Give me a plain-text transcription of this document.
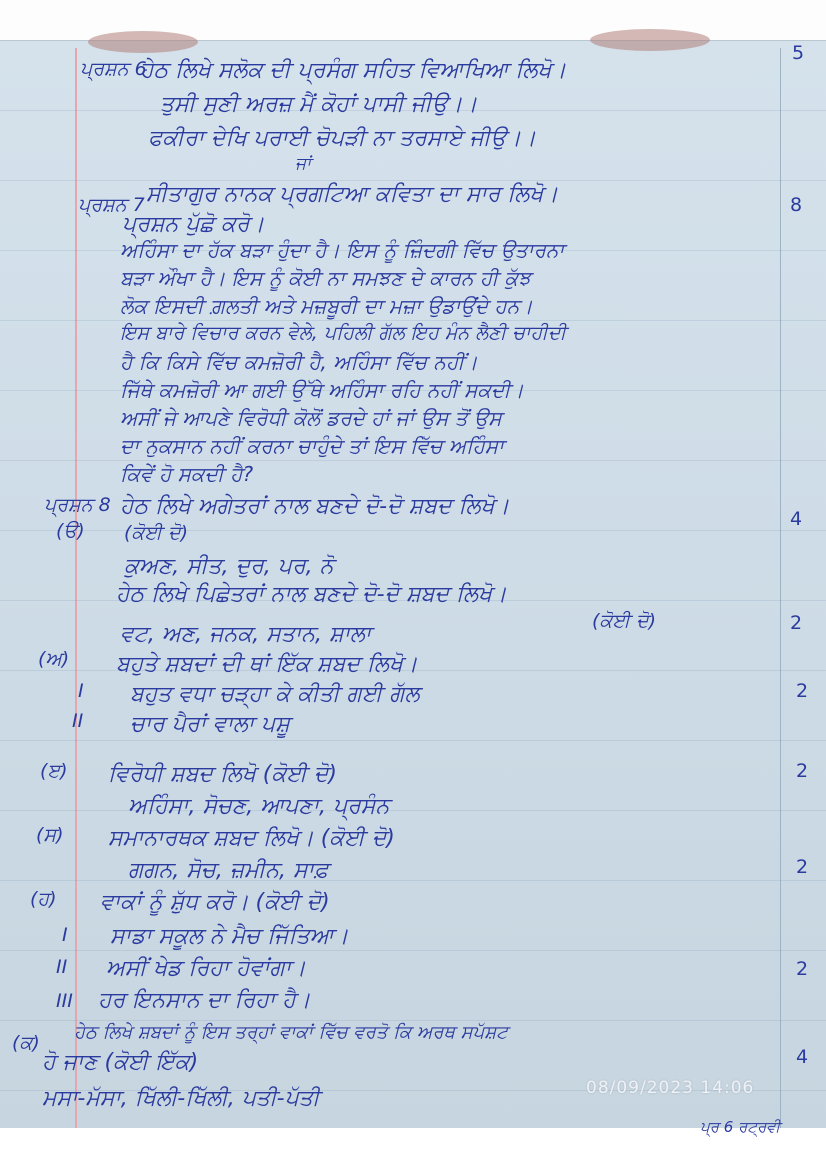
5
ਪ੍ਰਸ਼ਨ 6
ਪ੍ਰਸ਼ਨ 7
ਪ੍ਰਸ਼ਨ 8
(ੳ)
(ਅ)
I
II
(ੲ)
(ਸ)
(ਹ)
I
II
III
(ਕ)
8
4
2
2
2
2
2
4
ਹੇਠ ਲਿਖੇ ਸਲੋਕ ਦੀ ਪ੍ਰਸੰਗ ਸਹਿਤ ਵਿਆਖਿਆ ਲਿਖੋ।
ਤੁਸੀ ਸੁਣੀ ਅਰਜ਼ ਮੈਂ ਕੋਹਾਂ ਪਾਸੀ ਜੀਉ।।
ਫਕੀਰਾ ਦੇਖਿ ਪਰਾਈ ਚੋਪੜੀ ਨਾ ਤਰਸਾਏ ਜੀਉ।।
ਜਾਂ
ਸੀਤਾਗੁਰ ਨਾਨਕ ਪ੍ਰਗਟਿਆ ਕਵਿਤਾ ਦਾ ਸਾਰ ਲਿਖੋ।
ਪ੍ਰਸ਼ਨ ਪੁੱਛੋ ਕਰੋ।
ਅਹਿੰਸਾ ਦਾ ਹੱਕ ਬੜਾ ਹੁੰਦਾ ਹੈ। ਇਸ ਨੂੰ ਜ਼ਿੰਦਗੀ ਵਿੱਚ ਉਤਾਰਨਾ
ਬੜਾ ਔਖਾ ਹੈ। ਇਸ ਨੂੰ ਕੋਈ ਨਾ ਸਮਝਣ ਦੇ ਕਾਰਨ ਹੀ ਕੁੱਝ
ਲੋਕ ਇਸਦੀ ਗ਼ਲਤੀ ਅਤੇ ਮਜ਼ਬੂਰੀ ਦਾ ਮਜ਼ਾ ਉਡਾਉਂਦੇ ਹਨ।
ਇਸ ਬਾਰੇ ਵਿਚਾਰ ਕਰਨ ਵੇਲੇ, ਪਹਿਲੀ ਗੱਲ ਇਹ ਮੰਨ ਲੈਣੀ ਚਾਹੀਦੀ
ਹੈ ਕਿ ਕਿਸੇ ਵਿੱਚ ਕਮਜ਼ੋਰੀ ਹੈ, ਅਹਿੰਸਾ ਵਿੱਚ ਨਹੀਂ।
ਜਿੱਥੇ ਕਮਜ਼ੋਰੀ ਆ ਗਈ ਉੱਥੇ ਅਹਿੰਸਾ ਰਹਿ ਨਹੀਂ ਸਕਦੀ।
ਅਸੀਂ ਜੇ ਆਪਣੇ ਵਿਰੋਧੀ ਕੋਲੋਂ ਡਰਦੇ ਹਾਂ ਜਾਂ ਉਸ ਤੋਂ ਉਸ
ਦਾ ਨੁਕਸਾਨ ਨਹੀਂ ਕਰਨਾ ਚਾਹੁੰਦੇ ਤਾਂ ਇਸ ਵਿੱਚ ਅਹਿੰਸਾ
ਕਿਵੇਂ ਹੋ ਸਕਦੀ ਹੈ?
ਹੇਠ ਲਿਖੇ ਅਗੇਤਰਾਂ ਨਾਲ ਬਣਦੇ ਦੋ-ਦੋ ਸ਼ਬਦ ਲਿਖੋ।
(ਕੋਈ ਦੋ)
ਕੁਅਣ, ਸੀਤ, ਦੁਰ, ਪਰ, ਨੋ
ਹੇਠ ਲਿਖੇ ਪਿਛੇਤਰਾਂ ਨਾਲ ਬਣਦੇ ਦੋ-ਦੋ ਸ਼ਬਦ ਲਿਖੋ।
(ਕੋਈ ਦੋ)
ਵਟ, ਅਣ, ਜਨਕ, ਸਤਾਨ, ਸ਼ਾਲਾ
ਬਹੁਤੇ ਸ਼ਬਦਾਂ ਦੀ ਥਾਂ ਇੱਕ ਸ਼ਬਦ ਲਿਖੋ।
ਬਹੁਤ ਵਧਾ ਚੜ੍ਹਾ ਕੇ ਕੀਤੀ ਗਈ ਗੱਲ
ਚਾਰ ਪੈਰਾਂ ਵਾਲਾ ਪਸ਼ੂ
ਵਿਰੋਧੀ ਸ਼ਬਦ ਲਿਖੋ (ਕੋਈ ਦੋ)
ਅਹਿੰਸਾ, ਸੋਚਣ, ਆਪਣਾ, ਪ੍ਰਸੰਨ
ਸਮਾਨਾਰਥਕ ਸ਼ਬਦ ਲਿਖੋ। (ਕੋਈ ਦੋ)
ਗਗਨ, ਸੋਚ, ਜ਼ਮੀਨ, ਸਾਫ਼
ਵਾਕਾਂ ਨੂੰ ਸ਼ੁੱਧ ਕਰੋ। (ਕੋਈ ਦੋ)
ਸਾਡਾ ਸਕੂਲ ਨੇ ਮੈਚ ਜਿੱਤਿਆ।
ਅਸੀਂ ਖੇਡ ਰਿਹਾ ਹੋਵਾਂਗਾ।
ਹਰ ਇਨਸਾਨ ਦਾ ਰਿਹਾ ਹੈ।
ਹੇਠ ਲਿਖੇ ਸ਼ਬਦਾਂ ਨੂੰ ਇਸ ਤਰ੍ਹਾਂ ਵਾਕਾਂ ਵਿੱਚ ਵਰਤੋ ਕਿ ਅਰਥ ਸਪੱਸ਼ਟ
ਹੋ ਜਾਣ (ਕੋਈ ਇੱਕ)
ਮਸਾ-ਮੱਸਾ, ਖਿੱਲੀ-ਖਿੱਲੀ, ਪਤੀ-ਪੱਤੀ	08/09/2023 14:06
ਪ੍ਰ 6 ਰਟ੍ਰਵੀ
